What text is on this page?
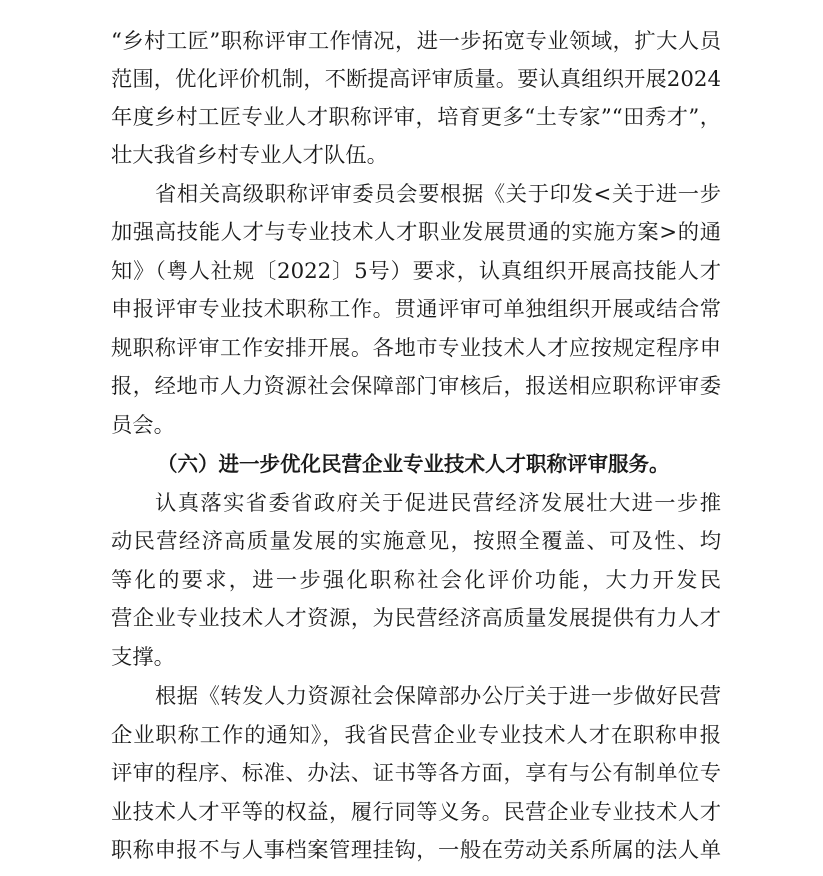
“乡村工匠”职称评审工作情况，进一步拓宽专业领域，扩大人员
范围，优化评价机制，不断提高评审质量。要认真组织开展2024
年度乡村工匠专业人才职称评审，培育更多“土专家”“田秀才”，
壮大我省乡村专业人才队伍。
省相关高级职称评审委员会要根据《关于印发<关于进一步
加强高技能人才与专业技术人才职业发展贯通的实施方案>的通
知》（粤人社规〔2022〕5号）要求，认真组织开展高技能人才
申报评审专业技术职称工作。贯通评审可单独组织开展或结合常
规职称评审工作安排开展。各地市专业技术人才应按规定程序申
报，经地市人力资源社会保障部门审核后，报送相应职称评审委
员会。
（六）进一步优化民营企业专业技术人才职称评审服务。
认真落实省委省政府关于促进民营经济发展壮大进一步推
动民营经济高质量发展的实施意见，按照全覆盖、可及性、均
等化的要求，进一步强化职称社会化评价功能，大力开发民
营企业专业技术人才资源，为民营经济高质量发展提供有力人才
支撑。
根据《转发人力资源社会保障部办公厅关于进一步做好民营
企业职称工作的通知》，我省民营企业专业技术人才在职称申报
评审的程序、标准、办法、证书等各方面，享有与公有制单位专
业技术人才平等的权益，履行同等义务。民营企业专业技术人才
职称申报不与人事档案管理挂钩，一般在劳动关系所属的法人单
